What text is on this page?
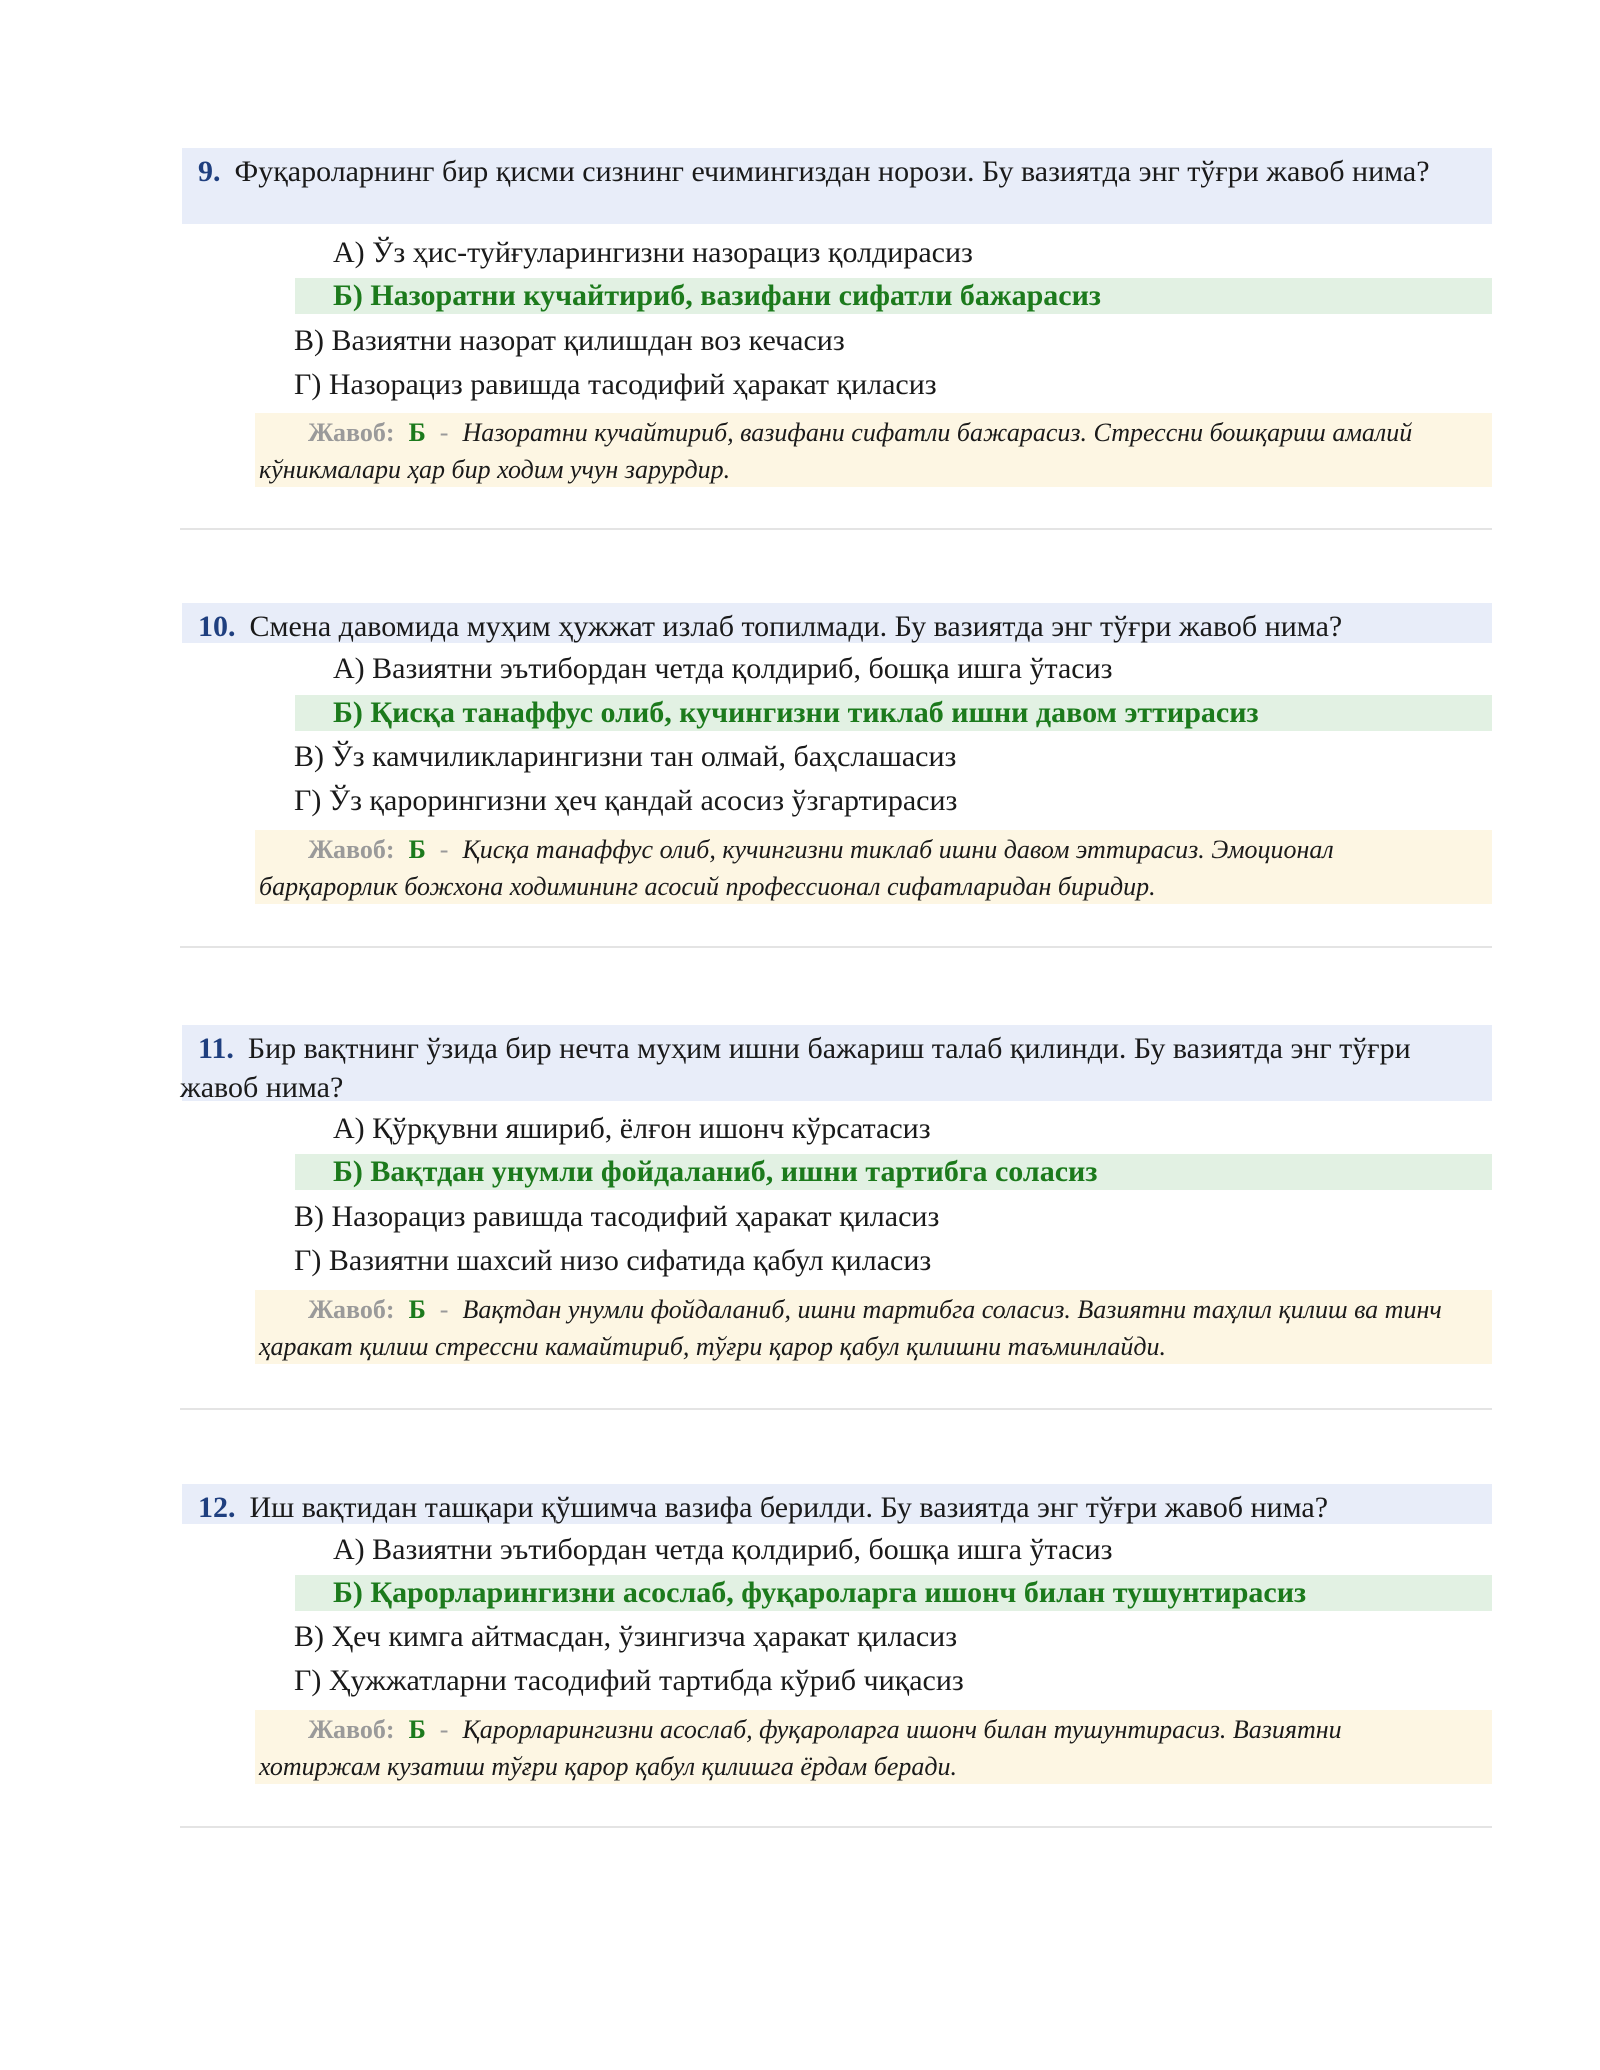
9. Фуқароларнинг бир қисми сизнинг ечимингиздан норози. Бу вазиятда энг тўғри жавоб нима?
А) Ўз ҳис-туйғуларингизни назорациз қолдирасиз
Б) Назоратни кучайтириб, вазифани сифатли бажарасиз
В) Вазиятни назорат қилишдан воз кечасиз
Г) Назорациз равишда тасодифий ҳаракат қиласиз
Жавоб: Б - Назоратни кучайтириб, вазифани сифатли бажарасиз. Стрессни бошқариш амалий кўникмалари ҳар бир ходим учун зарурдир.
10. Смена давомида муҳим ҳужжат излаб топилмади. Бу вазиятда энг тўғри жавоб нима?
А) Вазиятни эътибордан четда қолдириб, бошқа ишга ўтасиз
Б) Қисқа танаффус олиб, кучингизни тиклаб ишни давом эттирасиз
В) Ўз камчиликларингизни тан олмай, баҳслашасиз
Г) Ўз қарорингизни ҳеч қандай асосиз ўзгартирасиз
Жавоб: Б - Қисқа танаффус олиб, кучингизни тиклаб ишни давом эттирасиз. Эмоционал барқарорлик божхона ходимининг асосий профессионал сифатларидан биридир.
11. Бир вақтнинг ўзида бир нечта муҳим ишни бажариш талаб қилинди. Бу вазиятда энг тўғри жавоб нима?
А) Қўрқувни яшириб, ёлғон ишонч кўрсатасиз
Б) Вақтдан унумли фойдаланиб, ишни тартибга соласиз
В) Назорациз равишда тасодифий ҳаракат қиласиз
Г) Вазиятни шахсий низо сифатида қабул қиласиз
Жавоб: Б - Вақтдан унумли фойдаланиб, ишни тартибга соласиз. Вазиятни таҳлил қилиш ва тинч ҳаракат қилиш стрессни камайтириб, тўғри қарор қабул қилишни таъминлайди.
12. Иш вақтидан ташқари қўшимча вазифа берилди. Бу вазиятда энг тўғри жавоб нима?
А) Вазиятни эътибордан четда қолдириб, бошқа ишга ўтасиз
Б) Қарорларингизни асослаб, фуқароларга ишонч билан тушунтирасиз
В) Ҳеч кимга айтмасдан, ўзингизча ҳаракат қиласиз
Г) Ҳужжатларни тасодифий тартибда кўриб чиқасиз
Жавоб: Б - Қарорларингизни асослаб, фуқароларга ишонч билан тушунтирасиз. Вазиятни хотиржам кузатиш тўғри қарор қабул қилишга ёрдам беради.
